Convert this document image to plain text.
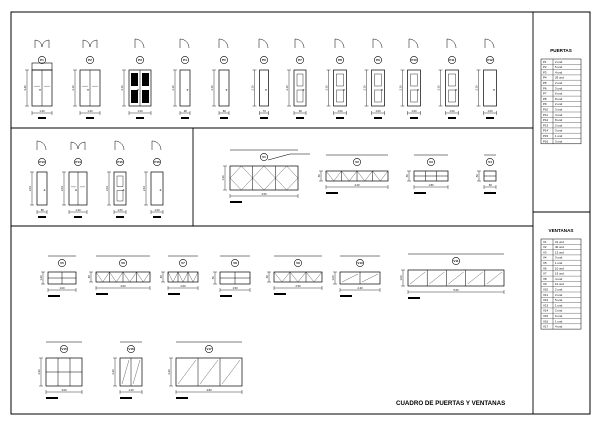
PUERTAS
P1	2 und
P2	5 und
P3	4 und
P4	26 und
P5	2 und
P6	3 und
P7	6 und
P8	8 und
P9	2 und
P10 3 und
P11 4 und
P12 8 und
P13 2 und
P14 3 und
P15 1 und
P16 3 und
VENTANAS
V1	31 und
V2	40 und
V3	13 und
V4	3 und
V5	1 und
V6	10 und
V7	15 und
V8	4 und
V9	10 und
V10 2 und
V11 2 und
V12 5 und
V13 1 und
V14 2 und
V15 6 und
V16 1 und
V17 4 und
P1
3.40
1.20
P2
2.10
1.20
P3
2.10
1.20
P4
2.10
.90
P5
2.10
.80
P6
2.10
.70
P7
2.10
.90
P8
2.10
1.00
P9
2.10
1.00
P10
2.10
1.00
P11
2.10
1.00
P12
2.10
1.00
P13
2.10
.80
P14
2.10
1.20
P15
2.10
1.00
P16
2.10
1.00
V1
1.20
4.60
V2
.50
4.20
V3
.50
1.80
V4
.50
.50
V5
1.20
1.00
V6
.50
3.00
V7
.50
2.00
V8
.50
1.50
V9
.50
2.50
V10
1.00
2.40
V11
1.00
5.60
V15
2.20
3.00
V16
2.20
1.20
V17
2.20
4.80
CUADRO DE PUERTAS Y VENTANAS
